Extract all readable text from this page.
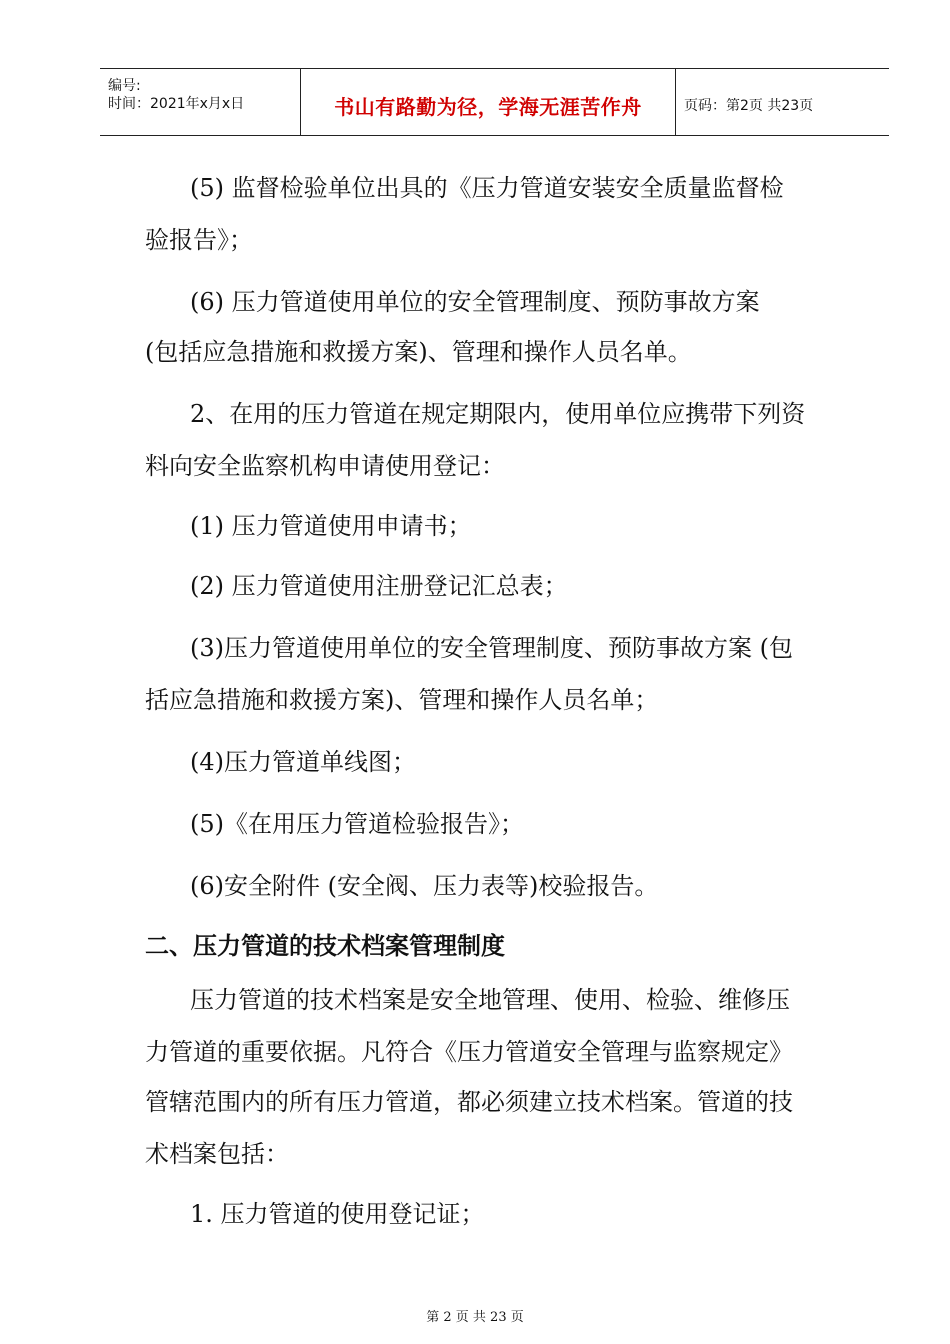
编号:
时间：2021年x月x日	书山有路勤为径，学海无涯苦作舟	页码：第2页 共23页
(5) 监督检验单位出具的《压力管道安装安全质量监督检
验报告》；
(6) 压力管道使用单位的安全管理制度、预防事故方案
(包括应急措施和救援方案)、管理和操作人员名单。
2、在用的压力管道在规定期限内，使用单位应携带下列资
料向安全监察机构申请使用登记：
(1) 压力管道使用申请书；
(2) 压力管道使用注册登记汇总表；
(3)压力管道使用单位的安全管理制度、预防事故方案 (包
括应急措施和救援方案)、管理和操作人员名单；
(4)压力管道单线图；
(5)《在用压力管道检验报告》；
(6)安全附件 (安全阀、压力表等)校验报告。
二、压力管道的技术档案管理制度
压力管道的技术档案是安全地管理、使用、检验、维修压
力管道的重要依据。凡符合《压力管道安全管理与监察规定》
管辖范围内的所有压力管道，都必须建立技术档案。管道的技
术档案包括：
1. 压力管道的使用登记证；
第 2 页 共 23 页
